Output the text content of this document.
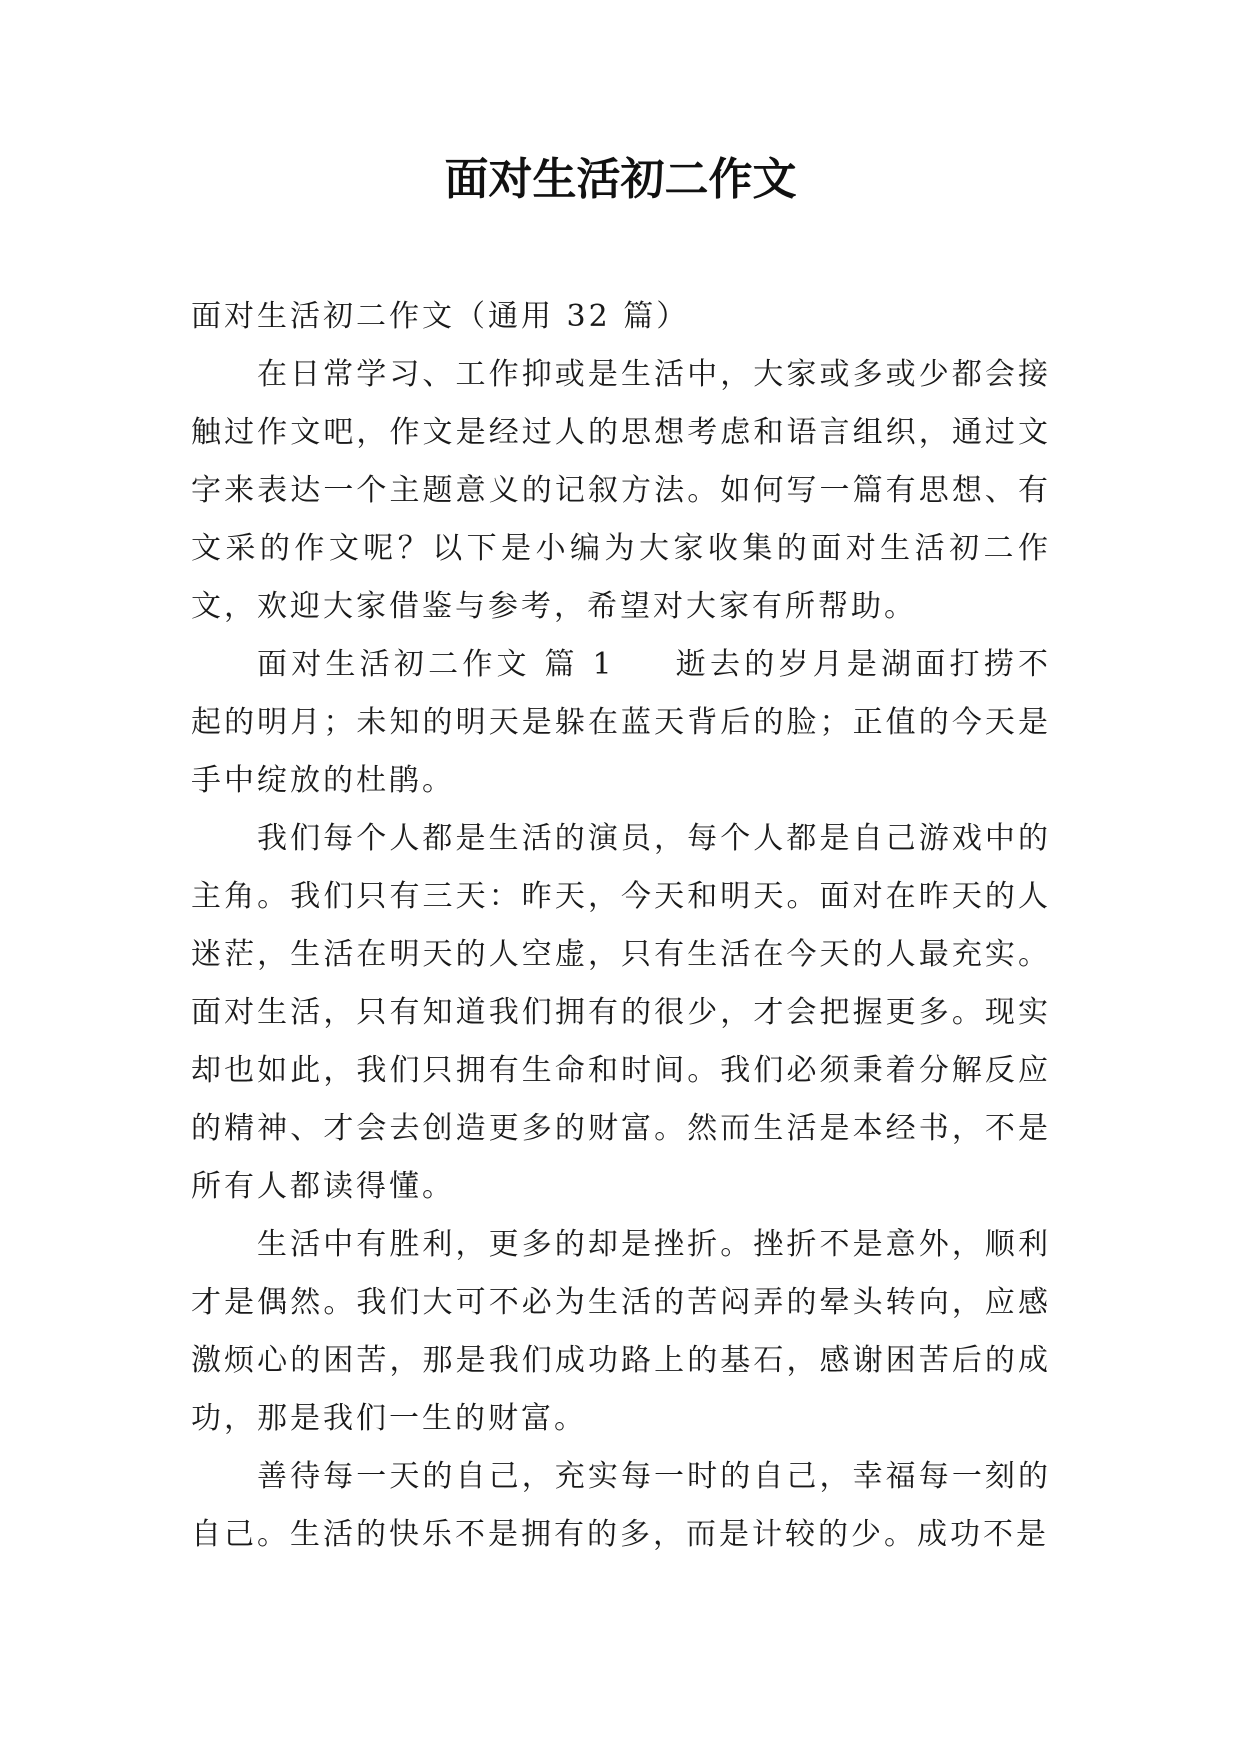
面对生活初二作文

面对生活初二作文（通用 32 篇）

在日常学习、工作抑或是生活中，大家或多或少都会接触过作文吧，作文是经过人的思想考虑和语言组织，通过文字来表达一个主题意义的记叙方法。如何写一篇有思想、有文采的作文呢？以下是小编为大家收集的面对生活初二作文，欢迎大家借鉴与参考，希望对大家有所帮助。

面对生活初二作文 篇 1 逝去的岁月是湖面打捞不起的明月；未知的明天是躲在蓝天背后的脸；正值的今天是手中绽放的杜鹃。

我们每个人都是生活的演员，每个人都是自己游戏中的主角。我们只有三天：昨天，今天和明天。面对在昨天的人迷茫，生活在明天的人空虚，只有生活在今天的人最充实。面对生活，只有知道我们拥有的很少，才会把握更多。现实却也如此，我们只拥有生命和时间。我们必须秉着分解反应的精神、才会去创造更多的财富。然而生活是本经书，不是所有人都读得懂。

生活中有胜利，更多的却是挫折。挫折不是意外，顺利才是偶然。我们大可不必为生活的苦闷弄的晕头转向，应感激烦心的困苦，那是我们成功路上的基石，感谢困苦后的成功，那是我们一生的财富。

善待每一天的自己，充实每一时的自己，幸福每一刻的自己。生活的快乐不是拥有的多，而是计较的少。成功不是
